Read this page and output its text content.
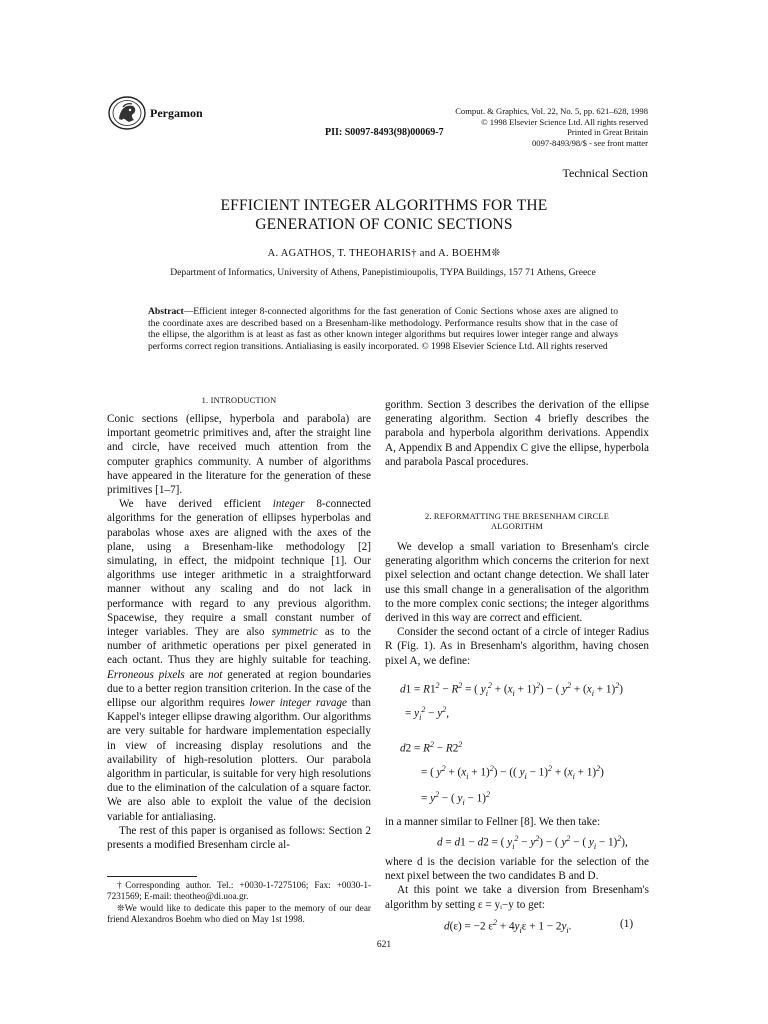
Pergamon
PII: S0097-8493(98)00069-7
Comput. & Graphics, Vol. 22, No. 5, pp. 621–628, 1998
© 1998 Elsevier Science Ltd. All rights reserved
Printed in Great Britain
0097-8493/98/$ - see front matter
Technical Section
EFFICIENT INTEGER ALGORITHMS FOR THE
GENERATION OF CONIC SECTIONS
A. AGATHOS, T. THEOHARIS† and A. BOEHM❊
Department of Informatics, University of Athens, Panepistimioupolis, TYPA Buildings, 157 71 Athens, Greece
Abstract—Efficient integer 8-connected algorithms for the fast generation of Conic Sections whose axes are aligned to the coordinate axes are described based on a Bresenham-like methodology. Performance results show that in the case of the ellipse, the algorithm is at least as fast as other known integer algorithms but requires lower integer range and always performs correct region transitions. Antialiasing is easily incorporated. © 1998 Elsevier Science Ltd. All rights reserved
1. INTRODUCTION

Conic sections (ellipse, hyperbola and parabola) are important geometric primitives and, after the straight line and circle, have received much attention from the computer graphics community. A number of algorithms have appeared in the literature for the generation of these primitives [1–7].

We have derived efficient integer 8-connected algorithms for the generation of ellipses hyperbolas and parabolas whose axes are aligned with the axes of the plane, using a Bresenham-like methodology [2] simulating, in effect, the midpoint technique [1]. Our algorithms use integer arithmetic in a straightforward manner without any scaling and do not lack in performance with regard to any previous algorithm. Spacewise, they require a small constant number of integer variables. They are also symmetric as to the number of arithmetic operations per pixel generated in each octant. Thus they are highly suitable for teaching. Erroneous pixels are not generated at region boundaries due to a better region transition criterion. In the case of the ellipse our algorithm requires lower integer ravage than Kappel's integer ellipse drawing algorithm. Our algorithms are very suitable for hardware implementation especially in view of increasing display resolutions and the availability of high-resolution plotters. Our parabola algorithm in particular, is suitable for very high resolutions due to the elimination of the calculation of a square factor. We are also able to exploit the value of the decision variable for antialiasing.

The rest of this paper is organised as follows: Section 2 presents a modified Bresenham circle al-

†Corresponding author. Tel.: +0030-1-7275106; Fax: +0030-1-7231569; E-mail: theotheo@di.uoa.gr.

❊We would like to dedicate this paper to the memory of our dear friend Alexandros Boehm who died on May 1st 1998.

gorithm. Section 3 describes the derivation of the ellipse generating algorithm. Section 4 briefly describes the parabola and hyperbola algorithm derivations. Appendix A, Appendix B and Appendix C give the ellipse, hyperbola and parabola Pascal procedures.

2. REFORMATTING THE BRESENHAM CIRCLE
ALGORITHM

We develop a small variation to Bresenham's circle generating algorithm which concerns the criterion for next pixel selection and octant change detection. We shall later use this small change in a generalisation of the algorithm to the more complex conic sections; the integer algorithms derived in this way are correct and efficient.

Consider the second octant of a circle of integer Radius R (Fig. 1). As in Bresenham's algorithm, having chosen pixel A, we define:

$d1 = R1^2 - R^2$ = ( $y_i^2 + (x_i + 1)^2$) − ( $y^2 + (x_i + 1)^2$)
= $y_i^2 - y^2$,
$d2 = R^2 - R2^2$
= ( $y^2 + (x_i + 1)^2$) − (( $y_i - 1)^2 + (x_i + 1)^2$)
= $y^2$ − ( $y_i - 1)^2$

in a manner similar to Fellner [8]. We then take:

d = d1 − d2 = ( $y_i^2 - y^2$) − ( $y^2$ − ( $y_i - 1)^2$),

where d is the decision variable for the selection of the next pixel between the two candidates B and D.

At this point we take a diversion from Bresenham's algorithm by setting ε = yᵢ−y to get:

d(ε) = −2 $\varepsilon^2 + 4y_i\varepsilon + 1 - 2y_i$.	(1)
621
